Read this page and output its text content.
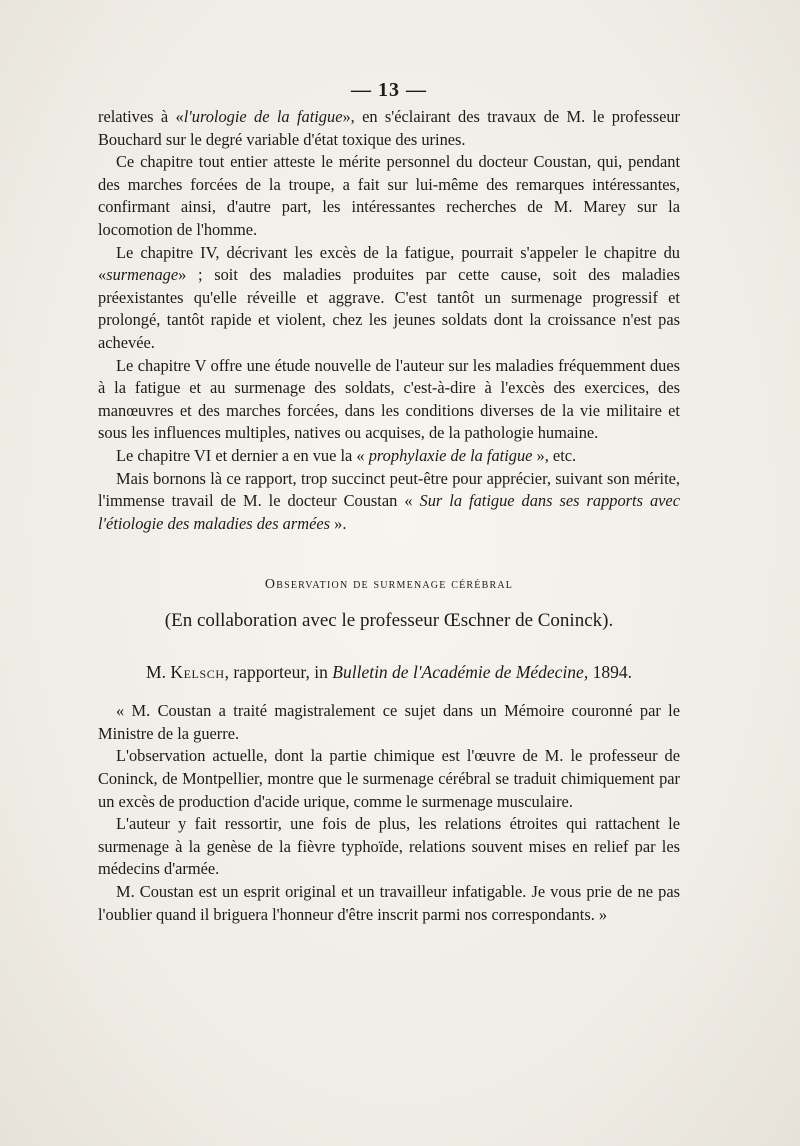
— 13 —

relatives à «l'urologie de la fatigue», en s'éclairant des travaux de M. le professeur Bouchard sur le degré variable d'état toxique des urines.

Ce chapitre tout entier atteste le mérite personnel du docteur Coustan, qui, pendant des marches forcées de la troupe, a fait sur lui-même des remarques intéressantes, confirmant ainsi, d'autre part, les intéressantes recherches de M. Marey sur la locomotion de l'homme.

Le chapitre IV, décrivant les excès de la fatigue, pourrait s'appeler le chapitre du «surmenage» ; soit des maladies produites par cette cause, soit des maladies préexistantes qu'elle réveille et aggrave. C'est tantôt un surmenage progressif et prolongé, tantôt rapide et violent, chez les jeunes soldats dont la croissance n'est pas achevée.

Le chapitre V offre une étude nouvelle de l'auteur sur les maladies fréquemment dues à la fatigue et au surmenage des soldats, c'est-à-dire à l'excès des exercices, des manœuvres et des marches forcées, dans les conditions diverses de la vie militaire et sous les influences multiples, natives ou acquises, de la pathologie humaine.

Le chapitre VI et dernier a en vue la « prophylaxie de la fatigue », etc.

Mais bornons là ce rapport, trop succinct peut-être pour apprécier, suivant son mérite, l'immense travail de M. le docteur Coustan « Sur la fatigue dans ses rapports avec l'étiologie des maladies des armées ».

Observation de surmenage cérébral
(En collaboration avec le professeur Œschner de Coninck).
M. Kelsch, rapporteur, in Bulletin de l'Académie de Médecine, 1894.

« M. Coustan a traité magistralement ce sujet dans un Mémoire couronné par le Ministre de la guerre.

L'observation actuelle, dont la partie chimique est l'œuvre de M. le professeur de Coninck, de Montpellier, montre que le surmenage cérébral se traduit chimiquement par un excès de production d'acide urique, comme le surmenage musculaire.

L'auteur y fait ressortir, une fois de plus, les relations étroites qui rattachent le surmenage à la genèse de la fièvre typhoïde, relations souvent mises en relief par les médecins d'armée.

M. Coustan est un esprit original et un travailleur infatigable. Je vous prie de ne pas l'oublier quand il briguera l'honneur d'être inscrit parmi nos correspondants. »
